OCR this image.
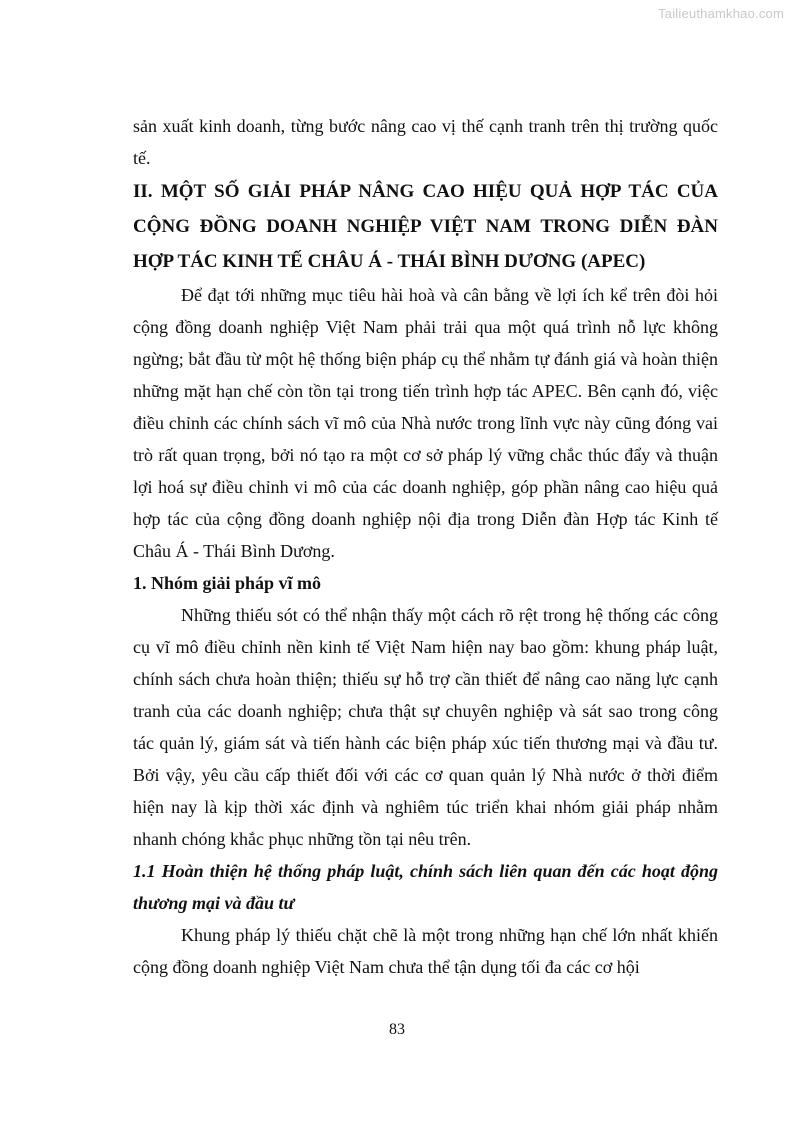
Tailieuthamkhao.com

sản xuất kinh doanh, từng bước nâng cao vị thế cạnh tranh trên thị trường quốc tế.

II. MỘT SỐ GIẢI PHÁP NÂNG CAO HIỆU QUẢ HỢP TÁC CỦA CỘNG ĐỒNG DOANH NGHIỆP VIỆT NAM TRONG DIỄN ĐÀN HỢP TÁC KINH TẾ CHÂU Á - THÁI BÌNH DƯƠNG (APEC)

Để đạt tới những mục tiêu hài hoà và cân bằng về lợi ích kể trên đòi hỏi cộng đồng doanh nghiệp Việt Nam phải trải qua một quá trình nỗ lực không ngừng; bắt đầu từ một hệ thống biện pháp cụ thể nhằm tự đánh giá và hoàn thiện những mặt hạn chế còn tồn tại trong tiến trình hợp tác APEC. Bên cạnh đó, việc điều chỉnh các chính sách vĩ mô của Nhà nước trong lĩnh vực này cũng đóng vai trò rất quan trọng, bởi nó tạo ra một cơ sở pháp lý vững chắc thúc đẩy và thuận lợi hoá sự điều chỉnh vi mô của các doanh nghiệp, góp phần nâng cao hiệu quả hợp tác của cộng đồng doanh nghiệp nội địa trong Diễn đàn Hợp tác Kinh tế Châu Á - Thái Bình Dương.

1. Nhóm giải pháp vĩ mô

Những thiếu sót có thể nhận thấy một cách rõ rệt trong hệ thống các công cụ vĩ mô điều chỉnh nền kinh tế Việt Nam hiện nay bao gồm: khung pháp luật, chính sách chưa hoàn thiện; thiếu sự hỗ trợ cần thiết để nâng cao năng lực cạnh tranh của các doanh nghiệp; chưa thật sự chuyên nghiệp và sát sao trong công tác quản lý, giám sát và tiến hành các biện pháp xúc tiến thương mại và đầu tư. Bởi vậy, yêu cầu cấp thiết đối với các cơ quan quản lý Nhà nước ở thời điểm hiện nay là kịp thời xác định và nghiêm túc triển khai nhóm giải pháp nhằm nhanh chóng khắc phục những tồn tại nêu trên.

1.1 Hoàn thiện hệ thống pháp luật, chính sách liên quan đến các hoạt động thương mại và đầu tư

Khung pháp lý thiếu chặt chẽ là một trong những hạn chế lớn nhất khiến cộng đồng doanh nghiệp Việt Nam chưa thể tận dụng tối đa các cơ hội

83
